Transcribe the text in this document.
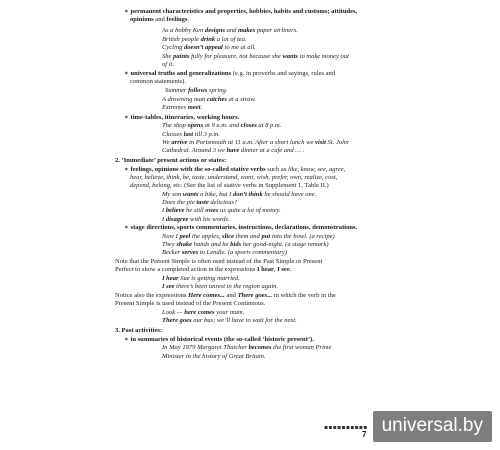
∗ permanent characteristics and properties, hobbies, habits and customs; attitudes,
opinions and feelings.
As a hobby Ken designs and makes paper airliners.
British people drink a lot of tea.
Cycling doesn’t appeal to me at all.
She paints fully for pleasure, not because she wants to make money out
of it.
∗ universal truths and generalizations (e.g. in proverbs and sayings, rules and
common statements).
Summer follows spring.
A drowning man catches at a straw.
Extremes meet.
∗ time-tables, itineraries, working hours.
The shop opens at 9 a.m. and closes at 8 p.m.
Classes last till 3 p.m.
We arrive in Portsmouth at 11 a.m. After a short lunch we visit St. John
Cathedral. Around 3 we have dinner at a cafe and … .
2. ‘Immediate’ present actions or states:
∗ feelings, opinions with the so-called stative verbs such as like, know, see, agree,
hear, believe, think, be, taste, understand, want, wish, prefer, own, realize, cost,
depend, belong, etc. (See the list of stative verbs in Supplement 1, Table II.)
My son wants a bike, but I don’t think he should have one.
Does the pie taste delicious?
I believe he still owes us quite a lot of money.
I disagree with his words.
∗ stage directions, sports commentaries, instructions, declarations, demonstrations.
Now I peel the apples, slice them and put into the bowl. (a recipe)
They shake hands and he bids her good-night. (a stage remark)
Becker serves to Lendle. (a sports commentary)
Note that the Present Simple is often used instead of the Past Simple or Present
Perfect to show a completed action in the expressions I hear, I see.
I hear Sue is getting married.
I see there’s been unrest in the region again.
Notice also the expressions Here comes... and There goes... in which the verb in the
Present Simple is used instead of the Present Continuous.
Look — here comes your mum.
There goes our bus; we’ll have to wait for the next.
3. Past activities:
∗ in summaries of historical events (the so-called ‘historic present’).
In May 1979 Margaret Thatcher becomes the first woman Prime
Minister in the history of Great Britain.
▪▪▪▪▪▪▪▪▪▪
7 universal.by
